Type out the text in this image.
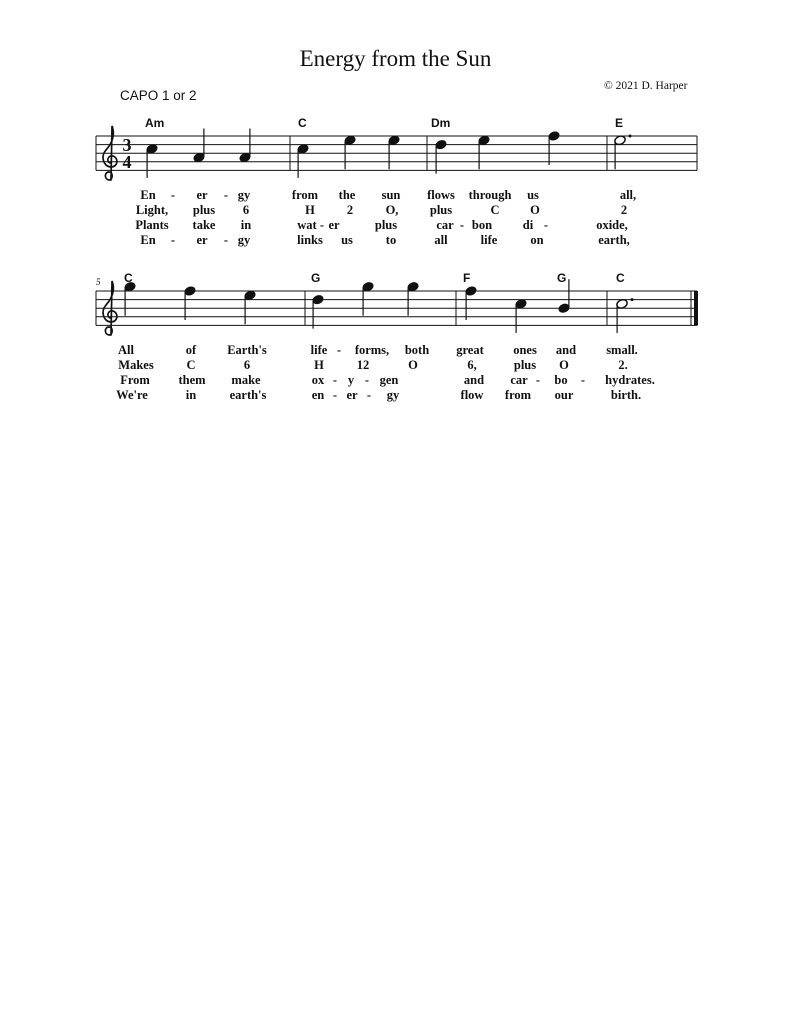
Energy from the Sun
© 2021 D. Harper
CAPO 1 or 2
3
4
Am	C	Dm	E
En - er - gy	from the sun flows through us	all,
Light, plus 6	H	2	O,	plus	C O	2
Plants take in	wat - er	plus	car - bon di -	oxide,
En - er - gy	links us	to	all	life	on	earth,
5 C	G	F	G	C
All	of Earth's	life - forms, both great ones and small.
Makes	C	6	H	12	O	6,	plus O	2.
From them make	ox - y - gen	and car - bo - hydrates.
We're	in	earth's	en - er - gy	flow from our	birth.
